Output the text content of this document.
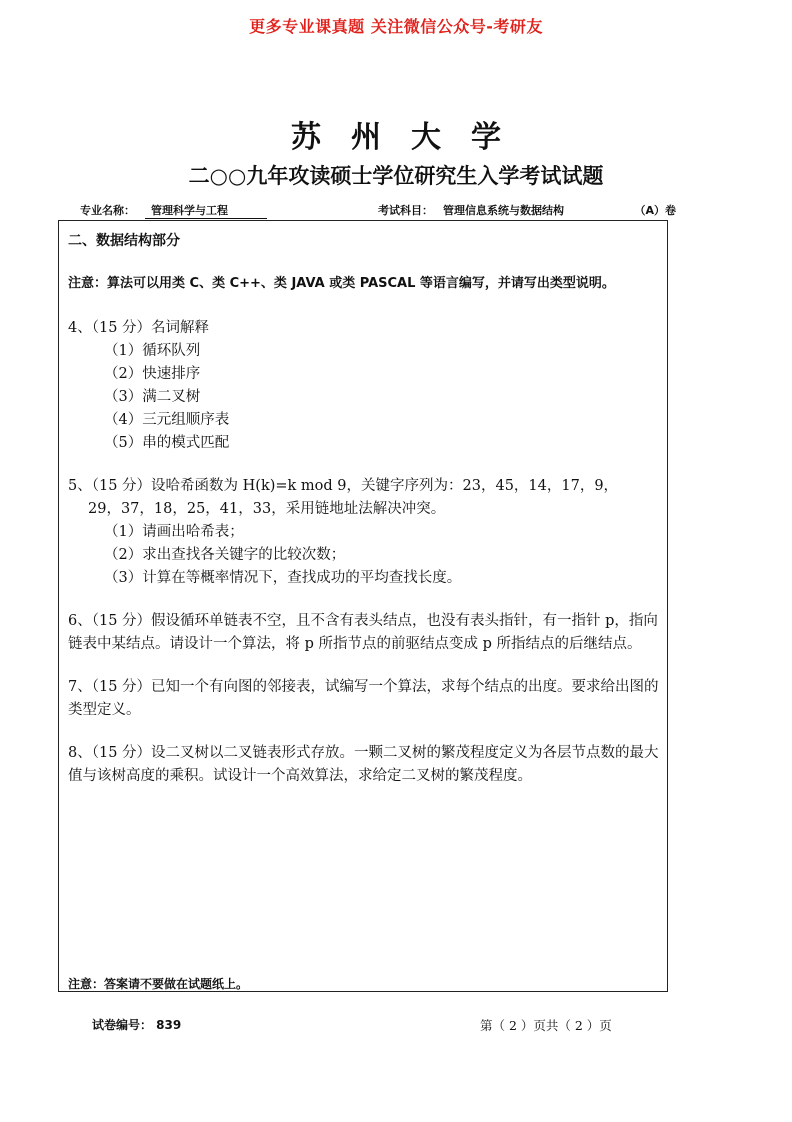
更多专业课真题 关注微信公众号-考研友
苏州大学
二○○九年攻读硕士学位研究生入学考试试题
专业名称： 管理科学与工程	考试科目： 管理信息系统与数据结构	（A）卷

二、数据结构部分

注意：算法可以用类 C、类 C++、类 JAVA 或类 PASCAL 等语言编写，并请写出类型说明。

4、（15 分）名词解释

（1）循环队列

（2）快速排序

（3）满二叉树

（4）三元组顺序表

（5）串的模式匹配

5、（15 分）设哈希函数为 H(k)=k mod 9，关键字序列为：23，45，14，17，9，

29，37，18，25，41，33，采用链地址法解决冲突。

（1）请画出哈希表；

（2）求出查找各关键字的比较次数；

（3）计算在等概率情况下，查找成功的平均查找长度。

6、（15 分）假设循环单链表不空，且不含有表头结点，也没有表头指针，有一指针 p，指向链表中某结点。请设计一个算法，将 p 所指节点的前驱结点变成 p 所指结点的后继结点。

7、（15 分）已知一个有向图的邻接表，试编写一个算法，求每个结点的出度。要求给出图的类型定义。

8、（15 分）设二叉树以二叉链表形式存放。一颗二叉树的繁茂程度定义为各层节点数的最大值与该树高度的乘积。试设计一个高效算法，求给定二叉树的繁茂程度。

注意：答案请不要做在试题纸上。
试卷编号： 839	第（ 2 ）页共（ 2 ）页
